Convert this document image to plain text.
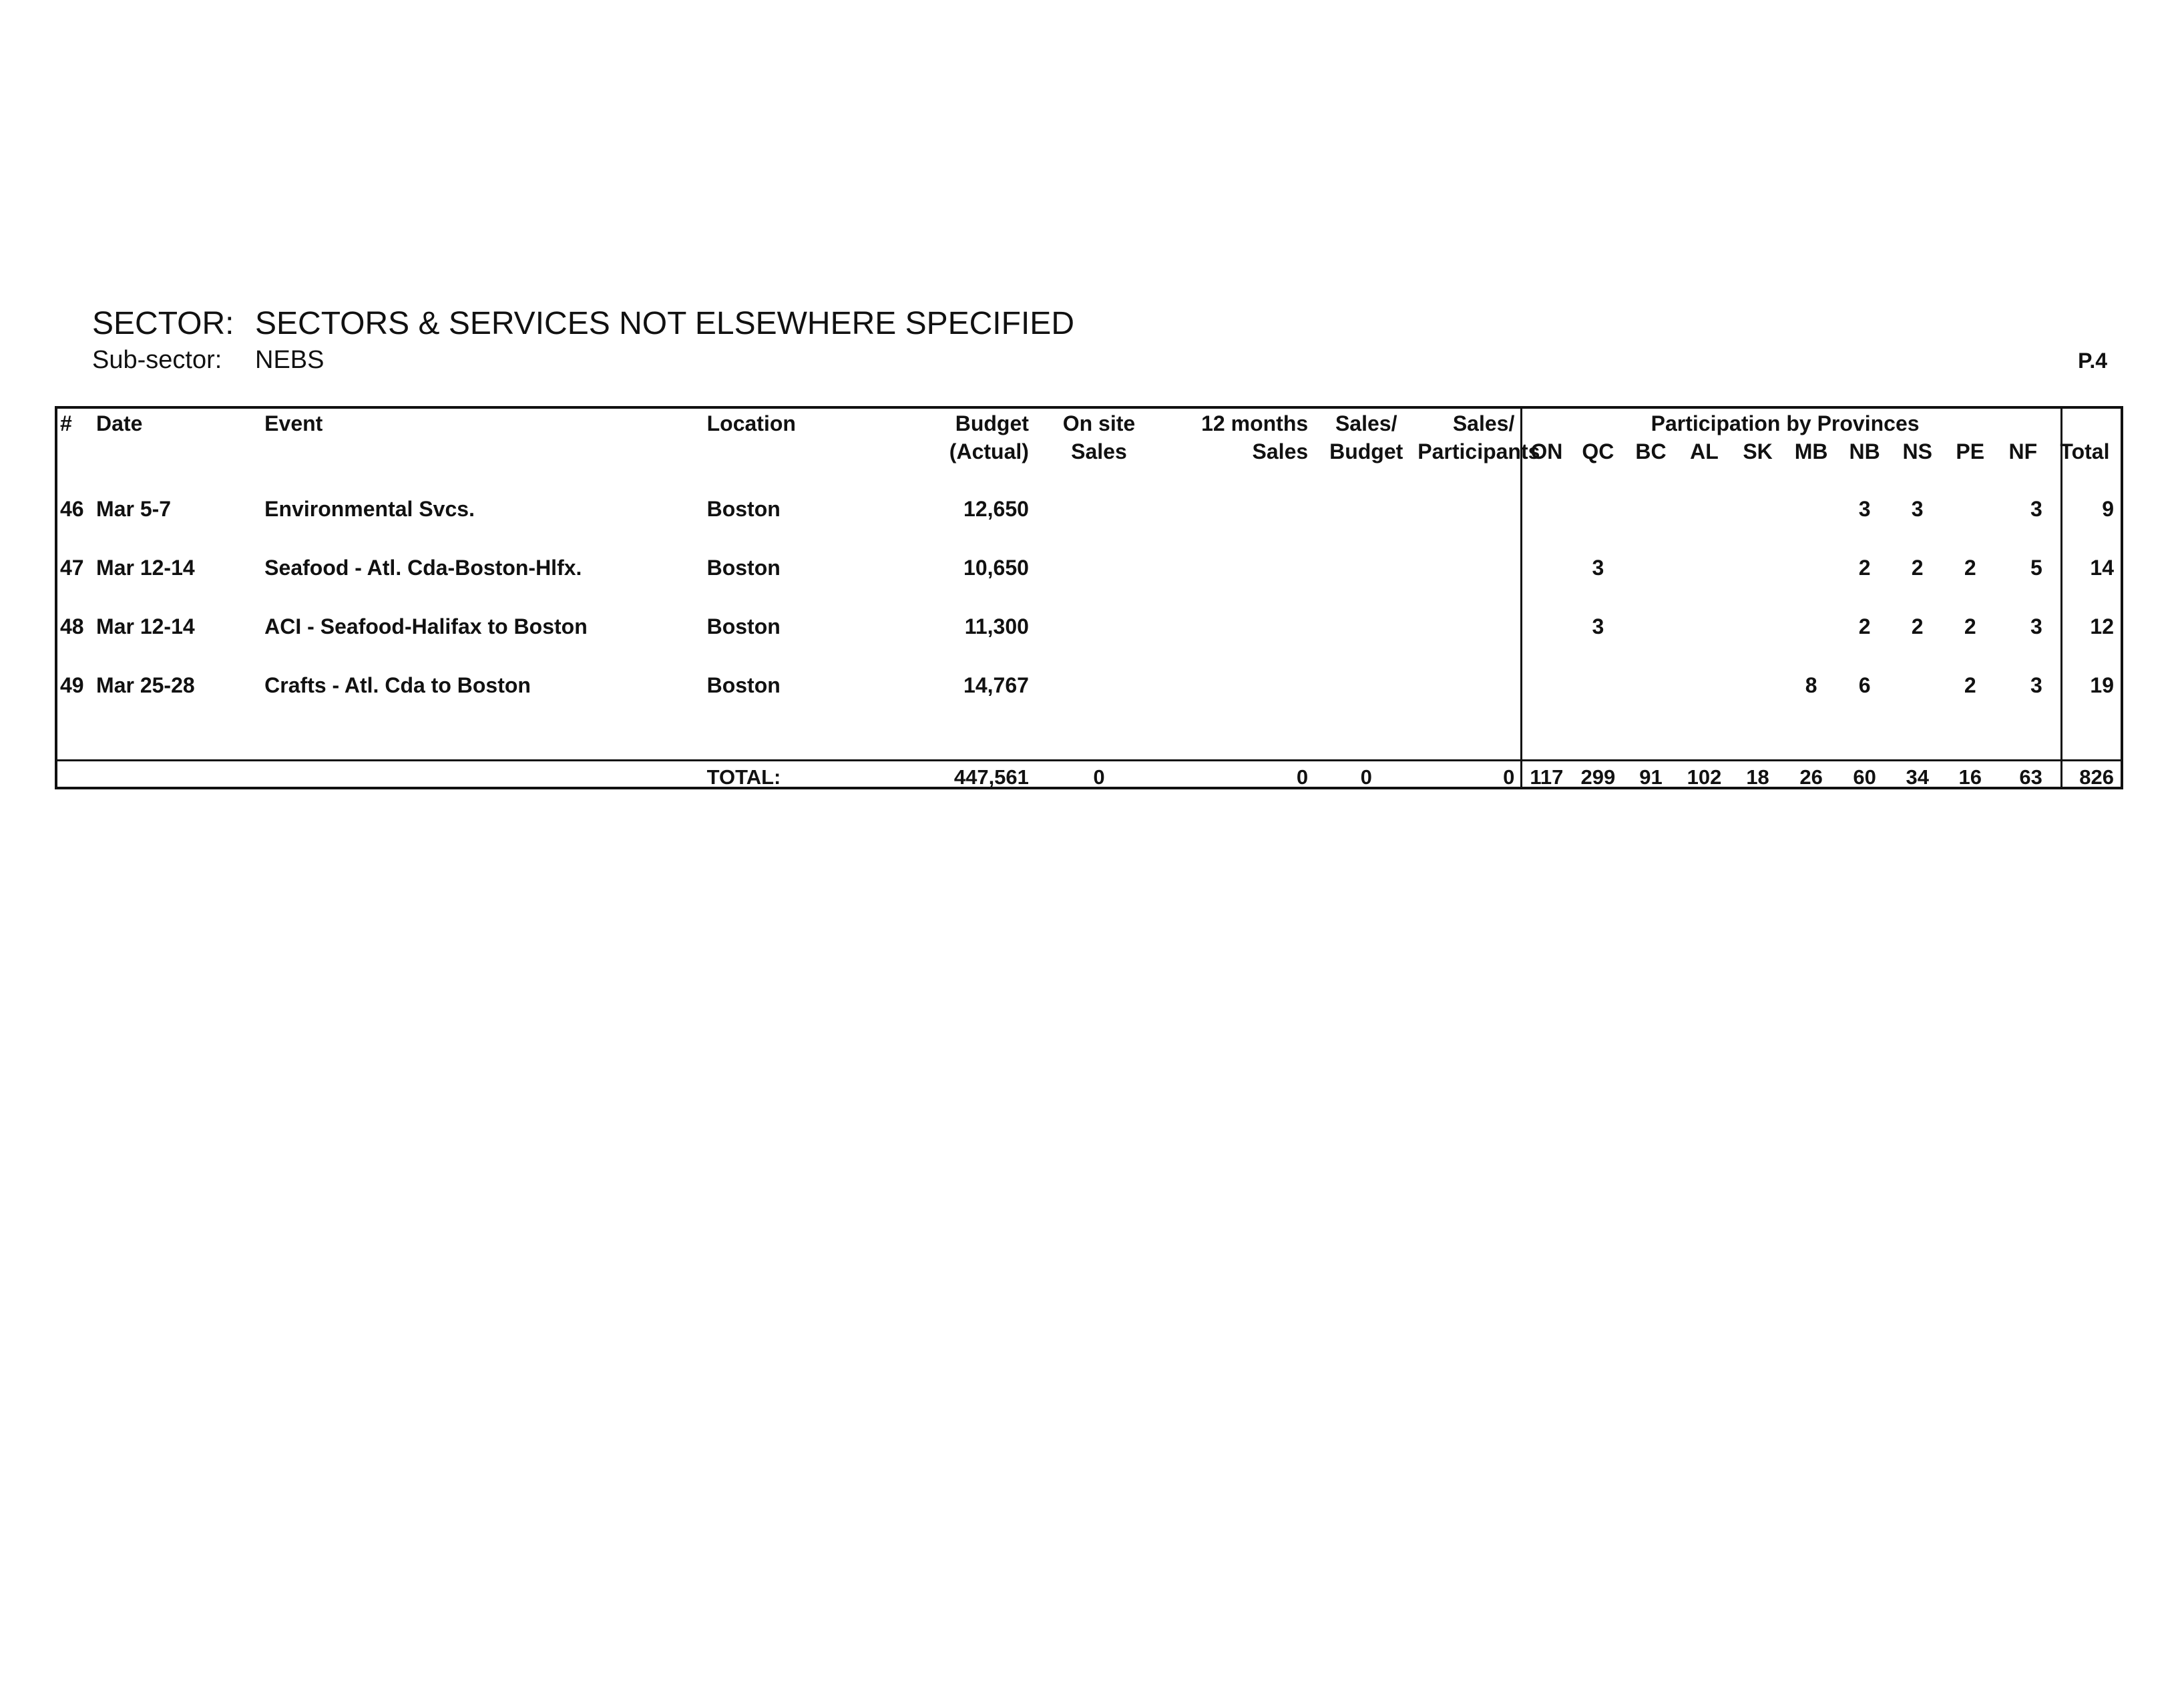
SECTOR: SECTORS & SERVICES NOT ELSEWHERE SPECIFIED
Sub-sector: NEBS	P.4
#	Date	Event	Location	Budget	On site	12 months	Sales/	Sales/	Participation by Provinces										
				(Actual)	Sales	Sales	Budget	Participants	ON	QC	BC	AL	SK	MB	NB	NS	PE	NF	Total

46	Mar 5-7	Environmental Svcs.	Boston	12,650											3	3		3	9
47	Mar 12-14	Seafood - Atl. Cda-Boston-Hlfx.	Boston	10,650						3					2	2	2	5	14
48	Mar 12-14	ACI - Seafood-Halifax to Boston	Boston	11,300						3					2	2	2	3	12
49	Mar 25-28	Crafts - Atl. Cda to Boston	Boston	14,767										8	6		2	3	19

			TOTAL:	447,561	0	0	0	0	117	299	91	102	18	26	60	34	16	63	826
